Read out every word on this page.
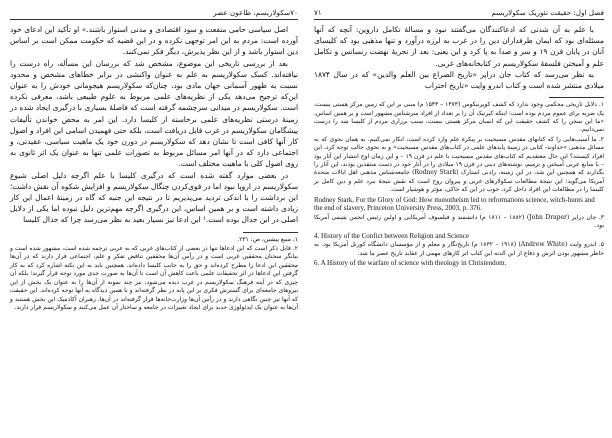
فصل اول: حقیقت تئوریک سکولاریسم
۷۱

با علم به آن شدتی که ادعاکنندگان می‌گفتند نبود و مسالهٔ تکامل داروین: آنچه که آنها مسئله‌ای بود که ایمان طرفداران دین را در غرب به لرزه درآورد و تنها مذهبی بود که کلیسای آنان در پایان قرن ۱۹ و سر و صدا به پا کرد و این یعنی: بعد از تجربهٔ نهضت رنسانس و تکامل علم و آمیختن فلسفهٔ سکولاریسم در کتابخانه‌های غربی.

به نظر می‌رسد که کتاب جان دراپر «تاریخ الصراع بین العلم والدین» که در سال ۱۸۷۴ میلادی منتشر شده است و کتاب اندرو وایت «تاریخ احتراب

۱. دلایل تاریخی محکمی وجود ندارد که کشف کوپرنیکوس (۱۴۷۳ – ۱۵۴۳ م) مبنی بر این که زمین مرکز هستی نیست، یک ضربه برای عموم مردم بوده است؛ اینکه کپرنیک آن را بر تعداد از افراد سرشناس مشهور است و بر همین اساس، «ما این سخن را که کشف حقیقت این که انسان مرکز هستی نیست، سبب برزاری مردم از کلیسا شد را درست نمی‌دانیم.

۲. ما آسیب‌هایی را که کتابهای مقدس مسیحیت بر پیکرهٔ علم وارد کرده است، انکار نمی‌کنیم. به همان نحوی که به مسائل مذهبی «خداوند- کتابی در زمینهٔ پایدهای علمی در کتاب‌های مقدس مسیحیت» و به نحوی جالب توجه کرد، این افراد کیستند؟ این حال معتقدیم که کتاب‌های مقدس مسیحیت با علم در قرن ۱۹ – و این زمان اوج انتشار این آثار بود – با منابع عربی آمیختن و ترمیم، نوشته‌های دینی در قرن ۱۹ میلادی را در آثار خود در دست منتقدین بودند، این آثار را بگذارند که همچنین این شد، در این زمینه، رادنی استارک (Rodney Stark) جامعه‌شناس مذهبی اهل ایالات متحدهٔ آمریکا می‌گوید: این نتیجهٔ مطالعات سکولارهای غربی و پیروان روح است که نقش نتیجهٔ نبرد علم و دین کامل بر کلیسا را در مطالعات این افراد داخل کرد، خوب در این که خاکی، مؤثر و هوشیار است.

Rodney Stark, For the Glory of God: How monotheism led to reformations science, witch-hunts and the end of slavery, Princeton University Press, 2003, p. 376.

۳. جان دراپر (John Draper) (۱۸۱۱ – ۱۸۸۲ م) دانشمند و فیلسوف آمریکایی و اولین رئیس انجمن شیمی آمریکا بود.

4. History of the Confict between Religion and Science

۵. اندرو وایت (Andrew White) (۱۸۳۲ – ۱۹۱۸ م) تاریخ‌نگار و معلم و از مؤسسان دانشگاه کورنل آمریکا بود. به خاطر مشهور بودن اثرش و دفاع از ابن الدنه این کتاب اثر کارهای مهمی از عقاید تاریخ عصر ما شد.

6. A History of the warfare of science with theology in Christendom.

۷۰
سکولاریسم، طاعون عصر

اصل سیاسی حامی منفعت و سود اقتصادی و مدنی استوار باشند.» او تأکید این ادعای خود آورده است: مردم به این امر توجهی نکرده و در این قضیه که حکومت ممکن است بر اساس دین استوار باشد و از این نظر پذیرش، دیگر فکر نمی‌کنند.

بعد از بررسی تاریخی این موضوع، مشخص شد که بررسان این مسأله، راه درست را نیافته‌اند. کسک سکولاریسم به علم به عنوان واکنشی در برابر خطاهای مشخص و محدود نسبت به ظهور آسمانی جهان مادی بود، چنان‌که سکولاریسم هیجومانی خودش را به عنوان این‌که ترجیح می‌دهد یکی از نظریه‌های علمی مربوط به علوم طبیعی باشد، معرفی نکرده است. سکولاریسم در میدانی سرچشمه گرفته است که فاصلهٔ بسیاری با درگیری ایجاد شده در زمینهٔ درستی نظریه‌های علمی برخاسته از کلیسا دارد. این امر به محض خواندن تألیفات پیشگامان سکولاریسم در غرب قابل دریافت است، بلکه حتی فهمیدن اسامی این افراد و اصول کار آنها کافی است تا نشان دهد که سکولاریسم در دورن خود یک ماهیت سیاسی، عقیدتی، و اجتماعی دارد که در آنها امر مسائل مربوط به تصورات علمی تنها به عنوان یک اثر ثانوی به روی اصول کلی با ماهیت مختلف است.

در بعضی موارد گفته شده است که درگیری کلیسا با علم اگرچه دلیل اصلی شیوع سکولاریسم در اروپا نبود اما در قوی‌کردن چنگال سکولاریسم و افزایش شکوه آن نقش داشت؛ این برداشت را با اندکی تردید می‌پذیریم تا در نتیجه این جنبه که گاه در زمینهٔ اعمال این کار زیادی داشته است و بر همین اساس، این درگیری اگرچه مهم‌ترین دلیل نبوده اما یکی از دلایل اصلی در این جدال بوده است.¹ این ادعا نیز بسیار بعید به نظر می‌رسد چرا که جدال کلیسا

۱. منبع پیشین، ص: ۲۳۱.

۲. قابل ذکر است که این ادعاها تنها در بعضی از کتاب‌های غربی که به عربی ترجمه شده است، مشهور شده است و بیانگر سخنان محققین غربی است و در رأس آن‌ها محققین تناقض تفکر و علم، اجتماعی قرار دارند که در آن‌ها محققین این ادعا را مطرح کرده‌اند و حق را به جانب کلیسا داده‌اند. همچنین باید به این نکته اشاره کرد که به کار گرفتن این ادعاها در اثر تحقیقات علمی باعث کاهش آن است تا آن‌ها به صورت جدی مورد توجه قرار گیرند؛ بلکه آن چیزی که در آینه فرهنگ سکولاریسم در غرب دیده می‌شود، نیز چند نمونه از آن‌ها را به عنوان یک بخش از این نیروهای جامعه‌ای برای گسترش فکری بر این پایه در نظر گرفته‌اند و با همین دیدگاه به آنها توجه کرده‌اند. این حقیقت که آنها نیز چنین نگاهی دارند و در رأس آن‌ها وزارت‌خانه‌ها قرار گرفته‌اند در آن‌ها، رهبران آکادمیک این بخش هستند و آن‌ها به عنوان یک ایدئولوژی جدید برای ایجاد تغییرات در جامعه و ساختار آن عمل می‌کنند و سکولاریسم قرار دارند.
